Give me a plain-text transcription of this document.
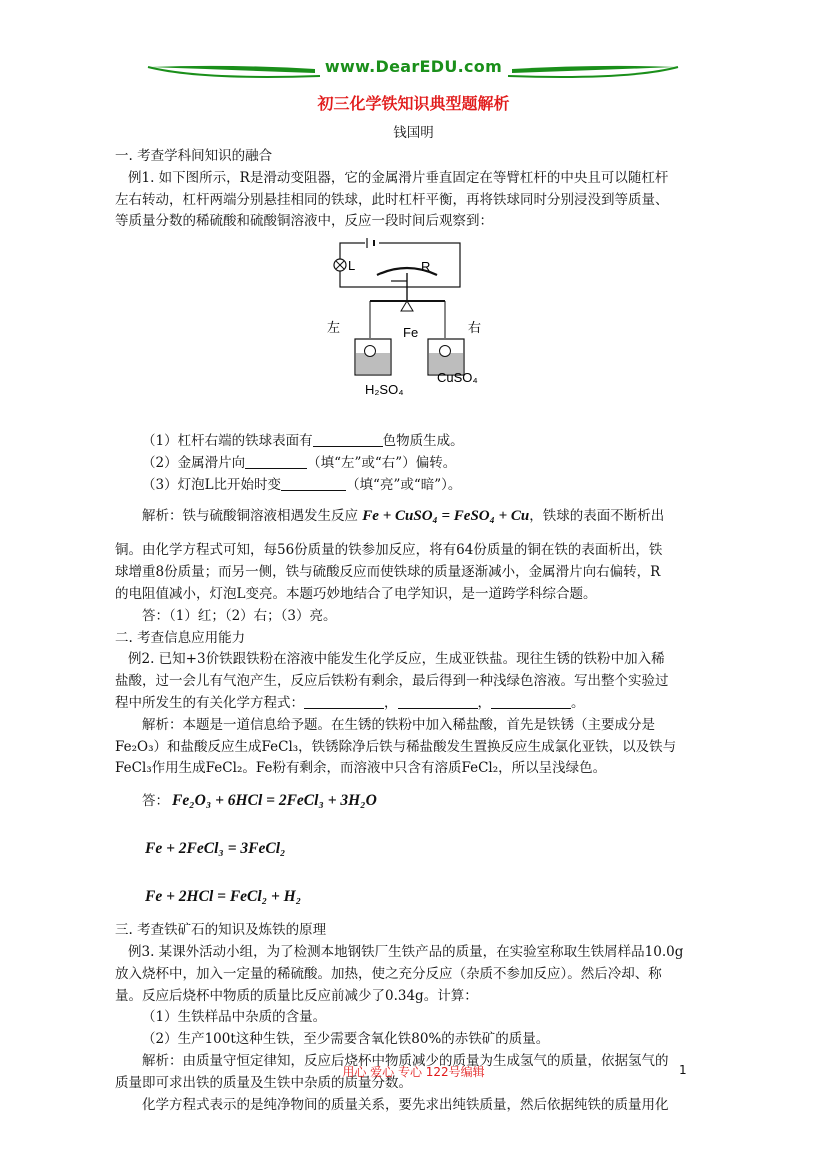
www.DearEDU.com
初三化学铁知识典型题解析
钱国明

一. 考查学科间知识的融合

例1. 如下图所示，R是滑动变阻器，它的金属滑片垂直固定在等臂杠杆的中央且可以随杠杆

左右转动，杠杆两端分别悬挂相同的铁球，此时杠杆平衡，再将铁球同时分别浸没到等质量、

等质量分数的稀硫酸和硫酸铜溶液中，反应一段时间后观察到：

L	R
左	右
Fe
H₂SO₄
CuSO₄

（1）杠杆右端的铁球表面有	色物质生成。

（2）金属滑片向	（填“左”或“右”）偏转。

（3）灯泡L比开始时变	（填“亮”或“暗”）。

解析：铁与硫酸铜溶液相遇发生反应 Fe + CuSO₄ = FeSO₄ + Cu，铁球的表面不断析出

铜。由化学方程式可知，每56份质量的铁参加反应，将有64份质量的铜在铁的表面析出，铁

球增重8份质量；而另一侧，铁与硫酸反应而使铁球的质量逐渐减小，金属滑片向右偏转，R

的电阻值减小，灯泡L变亮。本题巧妙地结合了电学知识，是一道跨学科综合题。

答：（1）红；（2）右；（3）亮。

二. 考查信息应用能力

例2. 已知+3价铁跟铁粉在溶液中能发生化学反应，生成亚铁盐。现往生锈的铁粉中加入稀

盐酸，过一会儿有气泡产生，反应后铁粉有剩余，最后得到一种浅绿色溶液。写出整个实验过

程中所发生的有关化学方程式：	，	，	。

解析：本题是一道信息给予题。在生锈的铁粉中加入稀盐酸，首先是铁锈（主要成分是

Fe₂O₃）和盐酸反应生成FeCl₃，铁锈除净后铁与稀盐酸发生置换反应生成氯化亚铁，以及铁与

FeCl₃作用生成FeCl₂。Fe粉有剩余，而溶液中只含有溶质FeCl₂，所以呈浅绿色。

答： Fe₂O₃ + 6HCl = 2FeCl₃ + 3H₂O
Fe + 2FeCl₃ = 3FeCl₂
Fe + 2HCl = FeCl₂ + H₂

三. 考查铁矿石的知识及炼铁的原理

例3. 某课外活动小组，为了检测本地钢铁厂生铁产品的质量，在实验室称取生铁屑样品10.0g

放入烧杯中，加入一定量的稀硫酸。加热，使之充分反应（杂质不参加反应）。然后冷却、称

量。反应后烧杯中物质的质量比反应前减少了0.34g。计算：

（1）生铁样品中杂质的含量。

（2）生产100t这种生铁，至少需要含氧化铁80%的赤铁矿的质量。

解析：由质量守恒定律知，反应后烧杯中物质减少的质量为生成氢气的质量，依据氢气的

质量即可求出铁的质量及生铁中杂质的质量分数。

化学方程式表示的是纯净物间的质量关系，要先求出纯铁质量，然后依据纯铁的质量用化

用心 爱心 专心 122号编辑	1
